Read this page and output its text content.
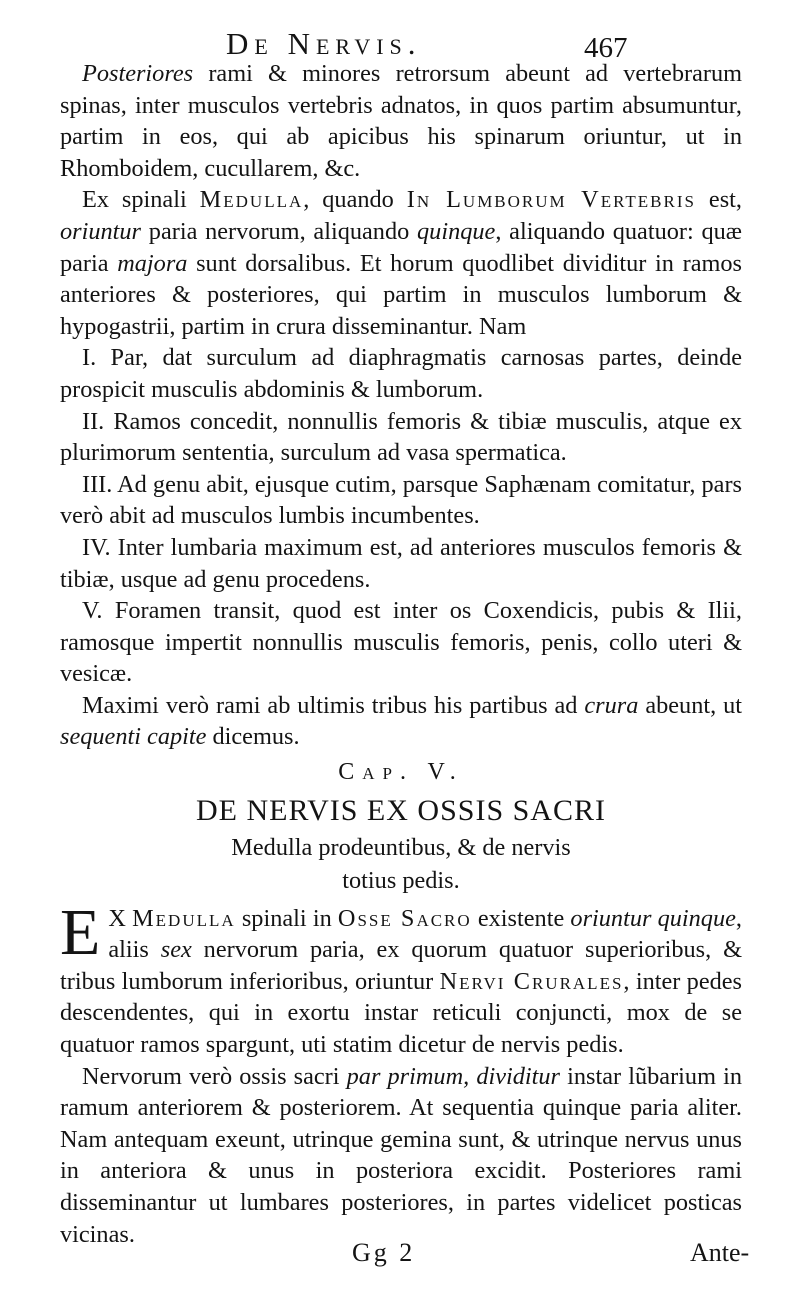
De Nervis.	467

Posteriores rami & minores retrorsum abeunt ad vertebrarum spinas, inter musculos vertebris adnatos, in quos partim absumuntur, partim in eos, qui ab apicibus his spinarum oriuntur, ut in Rhomboidem, cucullarem, &c.

Ex spinali Medulla, quando In Lumborum Vertebris est, oriuntur paria nervorum, aliquando quinque, aliquando quatuor: quæ paria majora sunt dorsalibus. Et horum quodlibet dividitur in ramos anteriores & posteriores, qui partim in musculos lumborum & hypogastrii, partim in crura disseminantur. Nam

I. Par, dat surculum ad diaphragmatis carnosas partes, deinde prospicit musculis abdominis & lumborum.

II. Ramos concedit, nonnullis femoris & tibiæ musculis, atque ex plurimorum sententia, surculum ad vasa spermatica.

III. Ad genu abit, ejusque cutim, parsque Saphænam comitatur, pars verò abit ad musculos lumbis incumbentes.

IV. Inter lumbaria maximum est, ad anteriores musculos femoris & tibiæ, usque ad genu procedens.

V. Foramen transit, quod est inter os Coxendicis, pubis & Ilii, ramosque impertit nonnullis musculis femoris, penis, collo uteri & vesicæ.

Maximi verò rami ab ultimis tribus his partibus ad crura abeunt, ut sequenti capite dicemus.

Cap. V.
DE NERVIS EX OSSIS SACRI
Medulla prodeuntibus, & de nervis
totius pedis.

E X Medulla spinali in Osse Sacro existente oriuntur quinque, aliis sex nervorum paria, ex quorum quatuor superioribus, & tribus lumborum inferioribus, oriuntur Nervi Crurales, inter pedes descendentes, qui in exortu instar reticuli conjuncti, mox de se quatuor ramos spargunt, uti statim dicetur de nervis pedis.

Nervorum verò ossis sacri par primum, dividitur instar lũbarium in ramum anteriorem & posteriorem. At sequentia quinque paria aliter. Nam antequam exeunt, utrinque gemina sunt, & utrinque nervus unus in anteriora & unus in posteriora excidit. Posteriores rami disseminantur ut lumbares posteriores, in partes videlicet posticas vicinas.

Gg 2	Ante-
